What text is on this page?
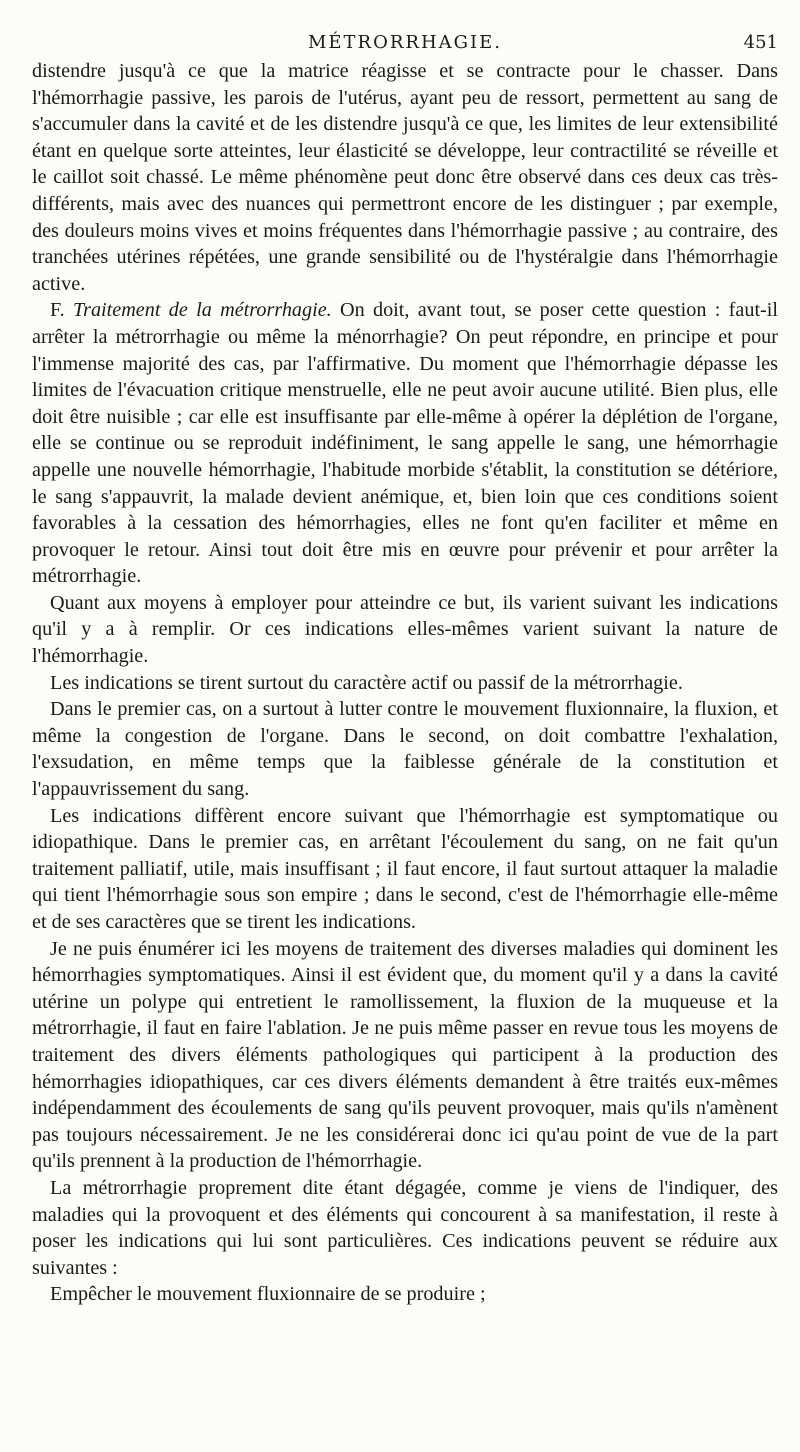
MÉTRORRHAGIE.	451

distendre jusqu'à ce que la matrice réagisse et se contracte pour le chasser. Dans l'hémorrhagie passive, les parois de l'utérus, ayant peu de ressort, permettent au sang de s'accumuler dans la cavité et de les distendre jusqu'à ce que, les limites de leur extensibilité étant en quelque sorte atteintes, leur élasticité se développe, leur contractilité se réveille et le caillot soit chassé. Le même phénomène peut donc être observé dans ces deux cas très-différents, mais avec des nuances qui permettront encore de les distinguer ; par exemple, des douleurs moins vives et moins fréquentes dans l'hémorrhagie passive ; au contraire, des tranchées utérines répétées, une grande sensibilité ou de l'hystéralgie dans l'hémorrhagie active.

F. Traitement de la métrorrhagie. On doit, avant tout, se poser cette question : faut-il arrêter la métrorrhagie ou même la ménorrhagie? On peut répondre, en principe et pour l'immense majorité des cas, par l'affirmative. Du moment que l'hémorrhagie dépasse les limites de l'évacuation critique menstruelle, elle ne peut avoir aucune utilité. Bien plus, elle doit être nuisible ; car elle est insuffisante par elle-même à opérer la déplétion de l'organe, elle se continue ou se reproduit indéfiniment, le sang appelle le sang, une hémorrhagie appelle une nouvelle hémorrhagie, l'habitude morbide s'établit, la constitution se détériore, le sang s'appauvrit, la malade devient anémique, et, bien loin que ces conditions soient favorables à la cessation des hémorrhagies, elles ne font qu'en faciliter et même en provoquer le retour. Ainsi tout doit être mis en œuvre pour prévenir et pour arrêter la métrorrhagie.

Quant aux moyens à employer pour atteindre ce but, ils varient suivant les indications qu'il y a à remplir. Or ces indications elles-mêmes varient suivant la nature de l'hémorrhagie.

Les indications se tirent surtout du caractère actif ou passif de la métrorrhagie.

Dans le premier cas, on a surtout à lutter contre le mouvement fluxionnaire, la fluxion, et même la congestion de l'organe. Dans le second, on doit combattre l'exhalation, l'exsudation, en même temps que la faiblesse générale de la constitution et l'appauvrissement du sang.

Les indications diffèrent encore suivant que l'hémorrhagie est symptomatique ou idiopathique. Dans le premier cas, en arrêtant l'écoulement du sang, on ne fait qu'un traitement palliatif, utile, mais insuffisant ; il faut encore, il faut surtout attaquer la maladie qui tient l'hémorrhagie sous son empire ; dans le second, c'est de l'hémorrhagie elle-même et de ses caractères que se tirent les indications.

Je ne puis énumérer ici les moyens de traitement des diverses maladies qui dominent les hémorrhagies symptomatiques. Ainsi il est évident que, du moment qu'il y a dans la cavité utérine un polype qui entretient le ramollissement, la fluxion de la muqueuse et la métrorrhagie, il faut en faire l'ablation. Je ne puis même passer en revue tous les moyens de traitement des divers éléments pathologiques qui participent à la production des hémorrhagies idiopathiques, car ces divers éléments demandent à être traités eux-mêmes indépendamment des écoulements de sang qu'ils peuvent provoquer, mais qu'ils n'amènent pas toujours nécessairement. Je ne les considérerai donc ici qu'au point de vue de la part qu'ils prennent à la production de l'hémorrhagie.

La métrorrhagie proprement dite étant dégagée, comme je viens de l'indiquer, des maladies qui la provoquent et des éléments qui concourent à sa manifestation, il reste à poser les indications qui lui sont particulières. Ces indications peuvent se réduire aux suivantes :

Empêcher le mouvement fluxionnaire de se produire ;
